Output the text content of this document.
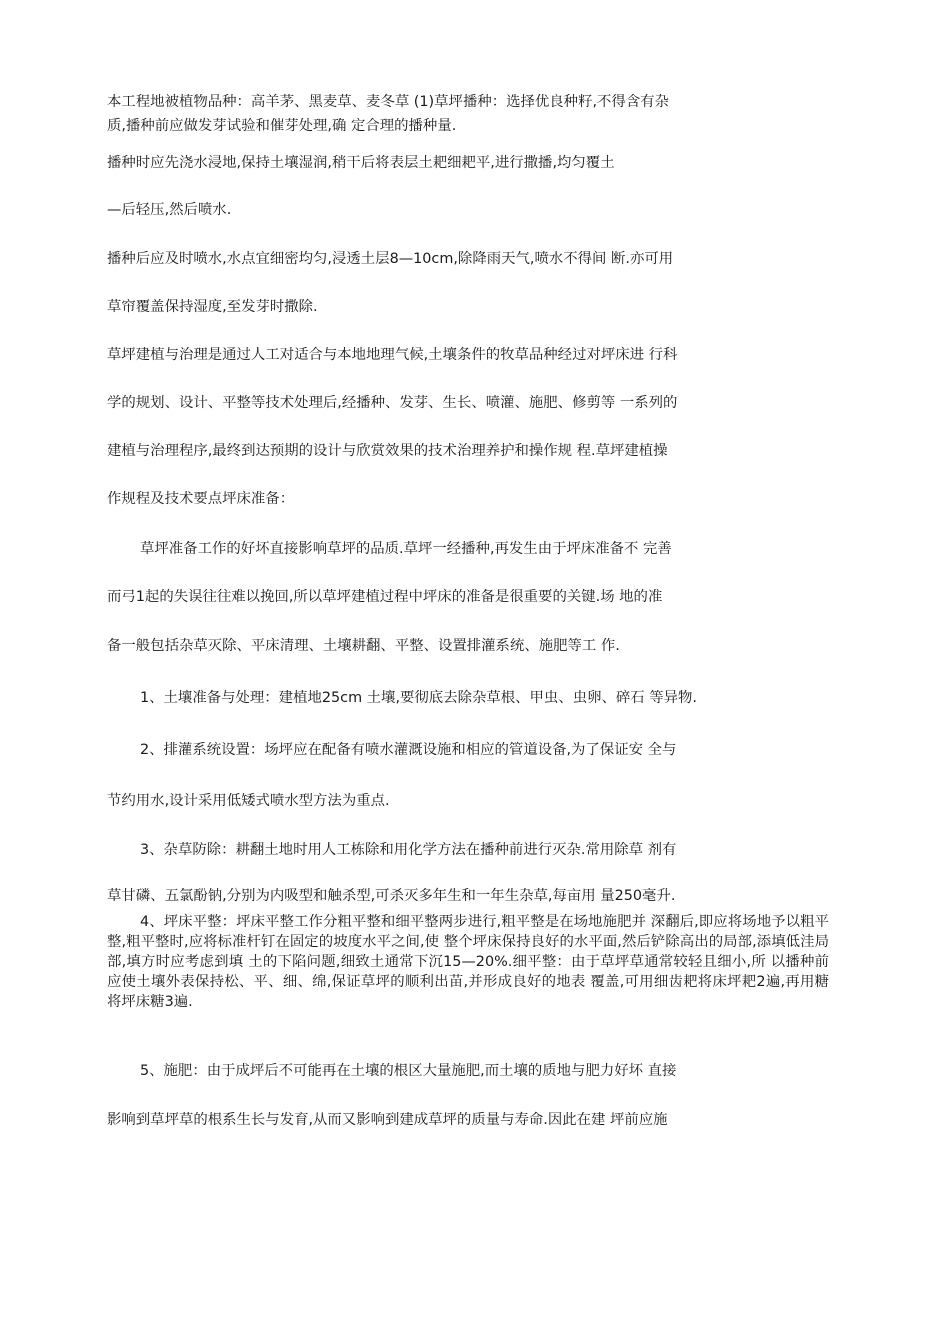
本工程地被植物品种：高羊茅、黑麦草、麦冬草 (1)草坪播种：选择优良种籽,不得含有杂
质,播种前应做发芽试验和催芽处理,确 定合理的播种量.
播种时应先浇水浸地,保持土壤湿润,稍干后将表层土耙细耙平,进行撒播,均匀覆土
—后轻压,然后喷水.
播种后应及时喷水,水点宜细密均匀,浸透土层8—10cm,除降雨天气,喷水不得间 断.亦可用
草帘覆盖保持湿度,至发芽时撒除.
草坪建植与治理是通过人工对适合与本地地理气候,土壤条件的牧草品种经过对坪床进 行科
学的规划、设计、平整等技术处理后,经播种、发芽、生长、喷灌、施肥、修剪等 一系列的
建植与治理程序,最终到达预期的设计与欣赏效果的技术治理养护和操作规 程.草坪建植操
作规程及技术要点坪床准备：
草坪准备工作的好坏直接影响草坪的品质.草坪一经播种,再发生由于坪床准备不 完善
而弓1起的失误往往难以挽回,所以草坪建植过程中坪床的准备是很重要的关键.场 地的准
备一般包括杂草灭除、平床清理、土壤耕翻、平整、设置排灌系统、施肥等工 作.
1、土壤准备与处理：建植地25cm 土壤,要彻底去除杂草根、甲虫、虫卵、碎石 等异物.
2、排灌系统设置：场坪应在配备有喷水灌溉设施和相应的管道设备,为了保证安 全与
节约用水,设计采用低矮式喷水型方法为重点.
3、杂草防除：耕翻土地时用人工栋除和用化学方法在播种前进行灭杂.常用除草 剂有
草甘磷、五氯酚钠,分别为内吸型和触杀型,可杀灭多年生和一年生杂草,每亩用 量250毫升.
4、坪床平整：坪床平整工作分粗平整和细平整两步进行,粗平整是在场地施肥并 深翻后,即应将场地予以粗平整,粗平整时,应将标准杆钉在固定的坡度水平之间,使 整个坪床保持良好的水平面,然后铲除高出的局部,添填低洼局部,填方时应考虑到填 土的下陷问题,细致土通常下沉15—20%.细平整：由于草坪草通常较轻且细小,所 以播种前应使土壤外表保持松、平、细、绵,保证草坪的顺利出苗,并形成良好的地表 覆盖,可用细齿耙将床坪耙2遍,再用糖将坪床糖3遍.
5、施肥：由于成坪后不可能再在土壤的根区大量施肥,而土壤的质地与肥力好坏 直接
影响到草坪草的根系生长与发育,从而又影响到建成草坪的质量与寿命.因此在建 坪前应施
